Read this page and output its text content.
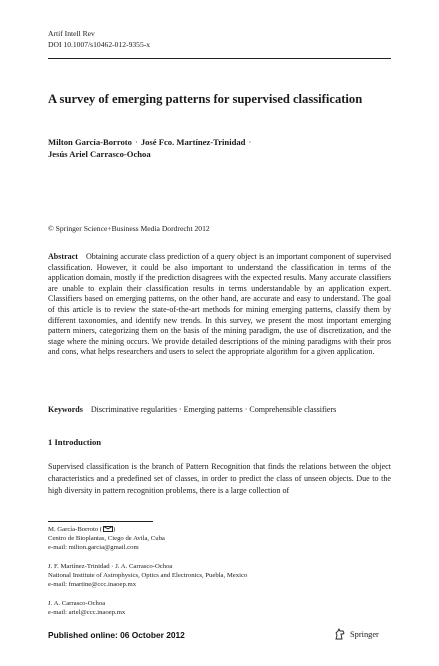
Artif Intell Rev
DOI 10.1007/s10462-012-9355-x
A survey of emerging patterns for supervised classification
Milton García-Borroto · José Fco. Martínez-Trinidad ·
Jesús Ariel Carrasco-Ochoa
© Springer Science+Business Media Dordrecht 2012

Abstract Obtaining accurate class prediction of a query object is an important component of supervised classification. However, it could be also important to understand the classification in terms of the application domain, mostly if the prediction disagrees with the expected results. Many accurate classifiers are unable to explain their classification results in terms understandable by an application expert. Classifiers based on emerging patterns, on the other hand, are accurate and easy to understand. The goal of this article is to review the state-of-the-art methods for mining emerging patterns, classify them by different taxonomies, and identify new trends. In this survey, we present the most important emerging pattern miners, categorizing them on the basis of the mining paradigm, the use of discretization, and the stage where the mining occurs. We provide detailed descriptions of the mining paradigms with their pros and cons, what helps researchers and users to select the appropriate algorithm for a given application.

Keywords Discriminative regularities · Emerging patterns · Comprehensible classifiers
1 Introduction

Supervised classification is the branch of Pattern Recognition that finds the relations between the object characteristics and a predefined set of classes, in order to predict the class of unseen objects. Due to the high diversity in pattern recognition problems, there is a large collection of

M. García-Borroto ( )
Centro de Bioplantas, Ciego de Avila, Cuba
e-mail: milton.garcia@gmail.com
J. F. Martínez-Trinidad · J. A. Carrasco-Ochoa
National Institute of Astrophysics, Optics and Electronics, Puebla, Mexico
e-mail: fmartine@ccc.inaoep.mx
J. A. Carrasco-Ochoa
e-mail: ariel@ccc.inaoep.mx
Published online: 06 October 2012	Springer
